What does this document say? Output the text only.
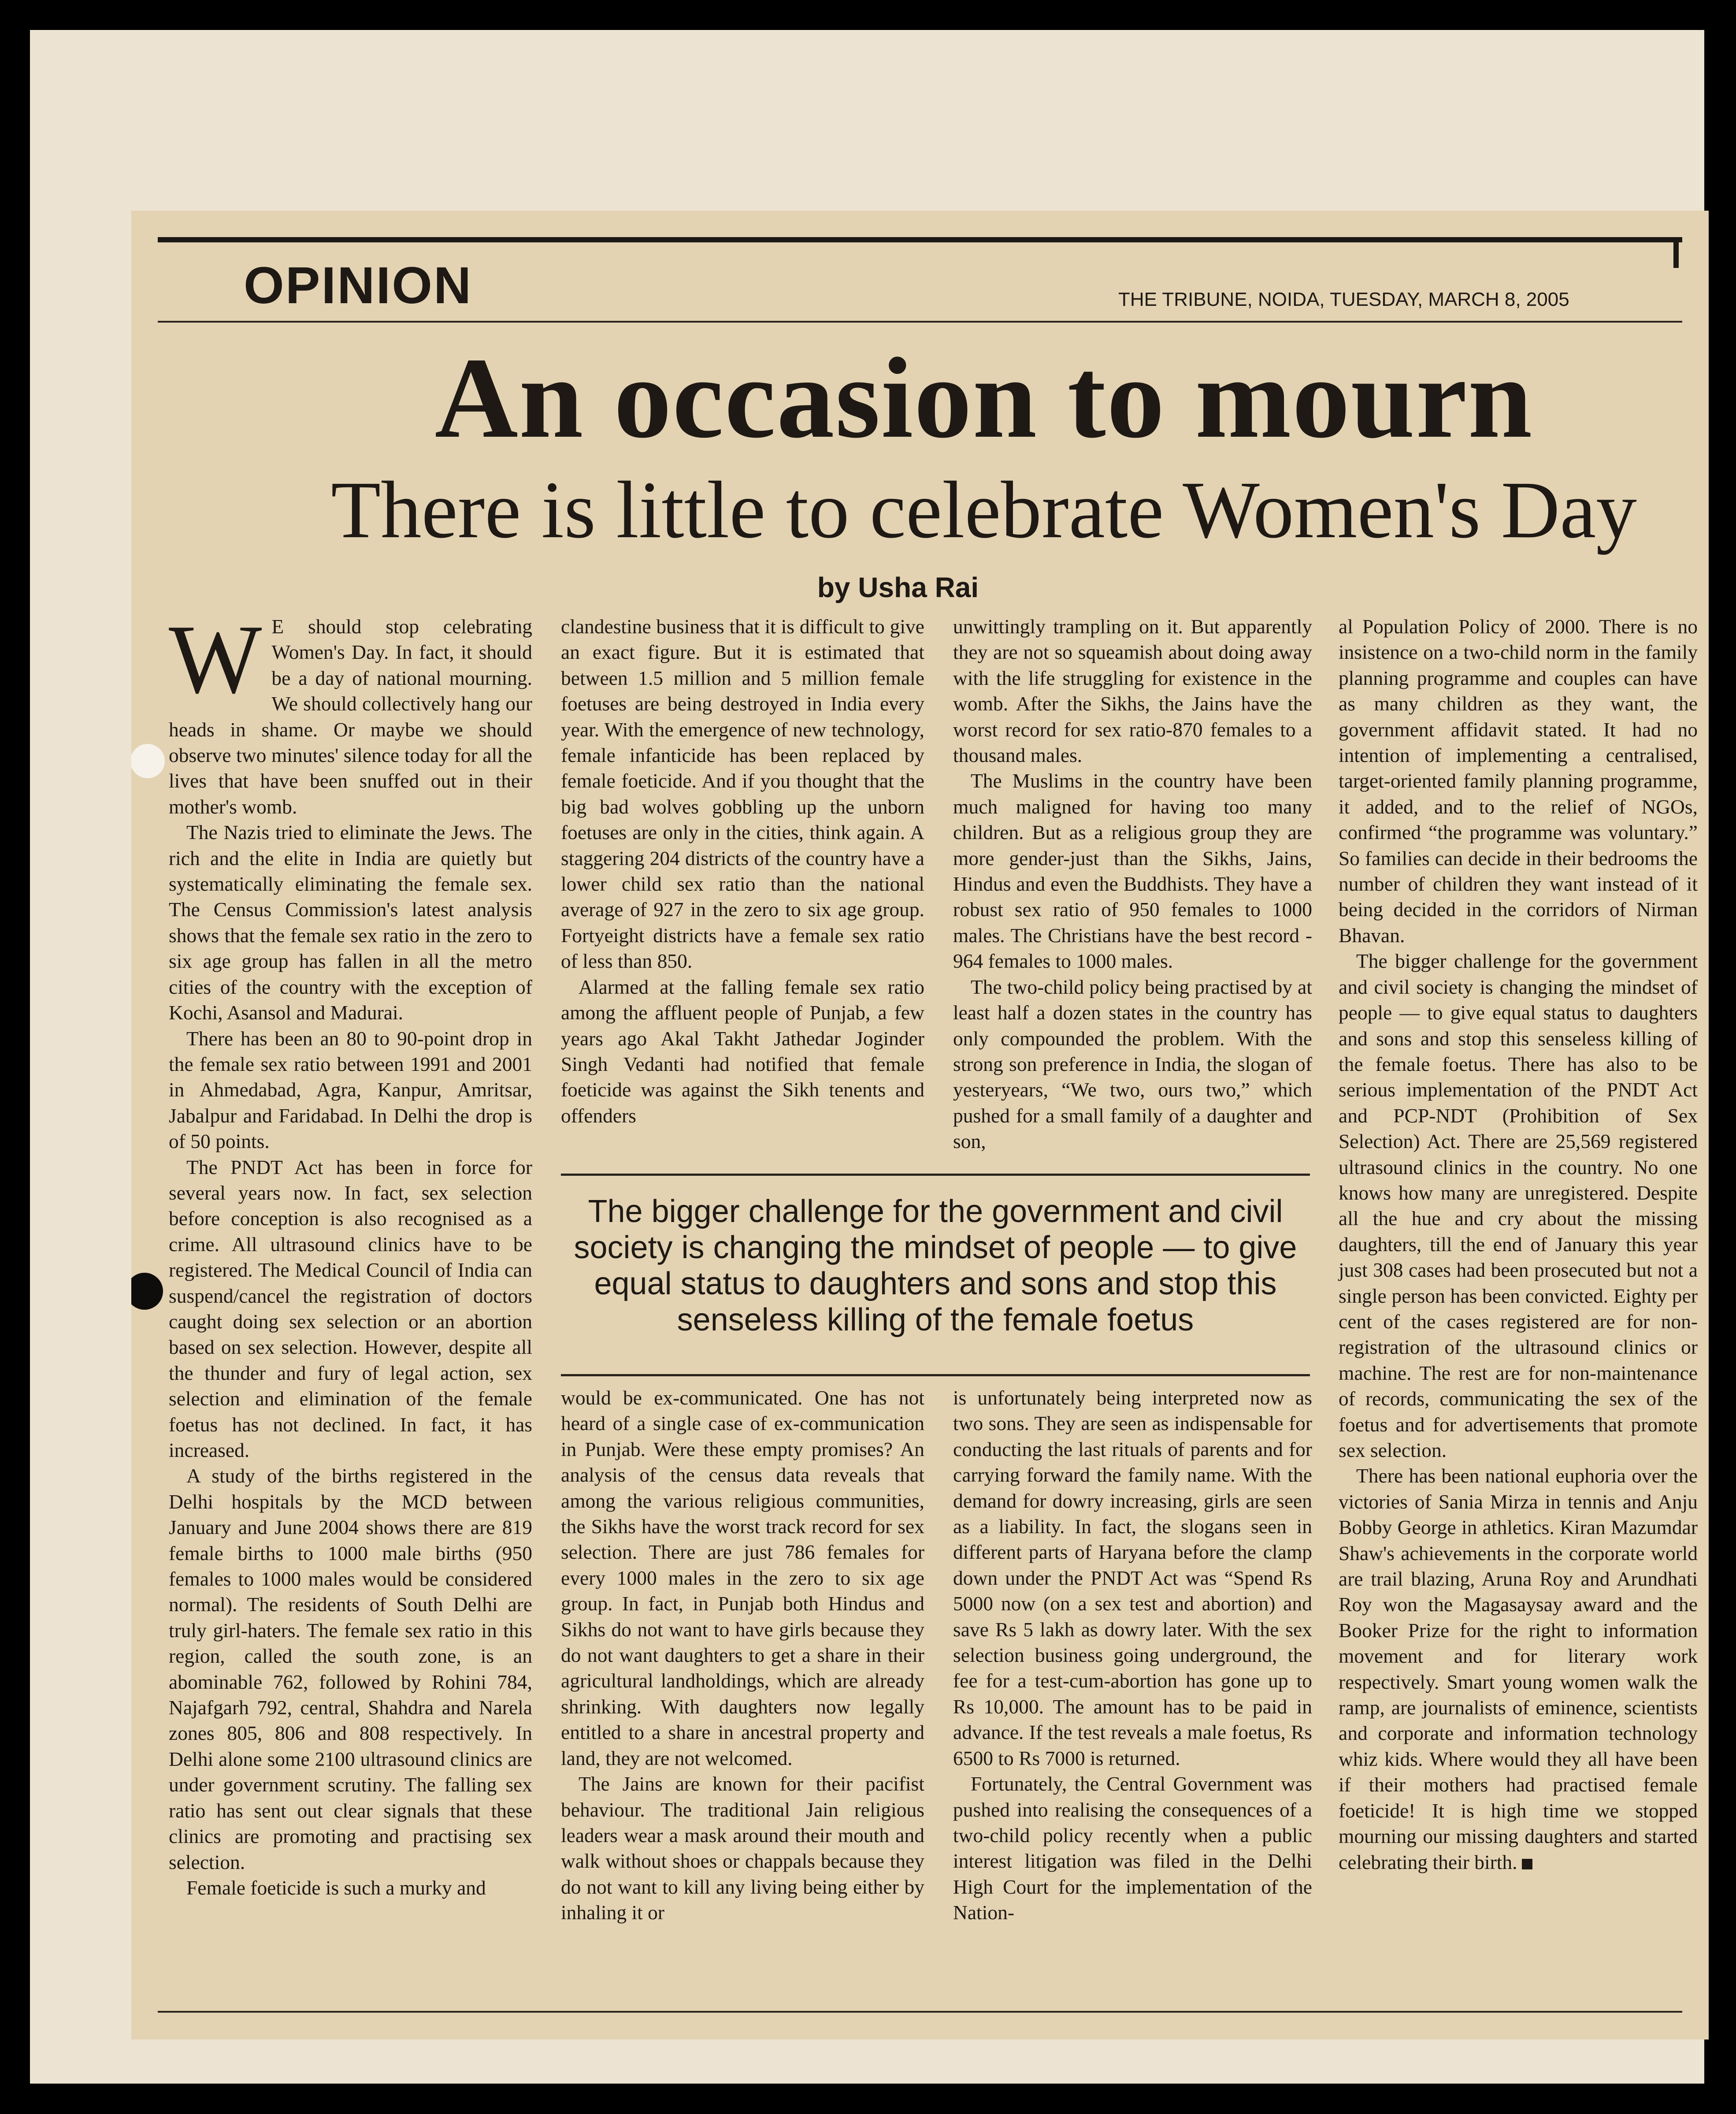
OPINION	THE TRIBUNE, NOIDA, TUESDAY, MARCH 8, 2005
An occasion to mourn
There is little to celebrate Women's Day
by Usha Rai

W E should stop celebrating Women's Day. In fact, it should be a day of national mourning. We should collectively hang our heads in shame. Or maybe we should observe two minutes' silence today for all the lives that have been snuffed out in their mother's womb.

The Nazis tried to eliminate the Jews. The rich and the elite in India are quietly but systematically eliminating the female sex. The Census Commission's latest analysis shows that the female sex ratio in the zero to six age group has fallen in all the metro cities of the country with the exception of Kochi, Asansol and Madurai.

There has been an 80 to 90-point drop in the female sex ratio between 1991 and 2001 in Ahmedabad, Agra, Kanpur, Amritsar, Jabalpur and Faridabad. In Delhi the drop is of 50 points.

The PNDT Act has been in force for several years now. In fact, sex selection before conception is also recognised as a crime. All ultrasound clinics have to be registered. The Medical Council of India can suspend/cancel the registration of doctors caught doing sex selection or an abortion based on sex selection. However, despite all the thunder and fury of legal action, sex selection and elimination of the female foetus has not declined. In fact, it has increased.

A study of the births registered in the Delhi hospitals by the MCD between January and June 2004 shows there are 819 female births to 1000 male births (950 females to 1000 males would be considered normal). The residents of South Delhi are truly girl-haters. The female sex ratio in this region, called the south zone, is an abominable 762, followed by Rohini 784, Najafgarh 792, central, Shahdra and Narela zones 805, 806 and 808 respectively. In Delhi alone some 2100 ultrasound clinics are under government scrutiny. The falling sex ratio has sent out clear signals that these clinics are promoting and practising sex selection.

Female foeticide is such a murky and

clandestine business that it is difficult to give an exact figure. But it is estimated that between 1.5 million and 5 million female foetuses are being destroyed in India every year. With the emergence of new technology, female infanticide has been replaced by female foeticide. And if you thought that the big bad wolves gobbling up the unborn foetuses are only in the cities, think again. A staggering 204 districts of the country have a lower child sex ratio than the national average of 927 in the zero to six age group. Fortyeight districts have a female sex ratio of less than 850.

Alarmed at the falling female sex ratio among the affluent people of Punjab, a few years ago Akal Takht Jathedar Joginder Singh Vedanti had notified that female foeticide was against the Sikh tenents and offenders

unwittingly trampling on it. But apparently they are not so squeamish about doing away with the life struggling for existence in the womb. After the Sikhs, the Jains have the worst record for sex ratio-870 females to a thousand males.

The Muslims in the country have been much maligned for having too many children. But as a religious group they are more gender-just than the Sikhs, Jains, Hindus and even the Buddhists. They have a robust sex ratio of 950 females to 1000 males. The Christians have the best record - 964 females to 1000 males.

The two-child policy being practised by at least half a dozen states in the country has only compounded the problem. With the strong son preference in India, the slogan of yesteryears, “We two, ours two,” which pushed for a small family of a daughter and son,

The bigger challenge for the government and civil society is changing the mindset of people — to give equal status to daughters and sons and stop this senseless killing of the female foetus

would be ex-communicated. One has not heard of a single case of ex-communication in Punjab. Were these empty promises? An analysis of the census data reveals that among the various religious communities, the Sikhs have the worst track record for sex selection. There are just 786 females for every 1000 males in the zero to six age group. In fact, in Punjab both Hindus and Sikhs do not want to have girls because they do not want daughters to get a share in their agricultural landholdings, which are already shrinking. With daughters now legally entitled to a share in ancestral property and land, they are not welcomed.

The Jains are known for their pacifist behaviour. The traditional Jain religious leaders wear a mask around their mouth and walk without shoes or chappals because they do not want to kill any living being either by inhaling it or

is unfortunately being interpreted now as two sons. They are seen as indispensable for conducting the last rituals of parents and for carrying forward the family name. With the demand for dowry increasing, girls are seen as a liability. In fact, the slogans seen in different parts of Haryana before the clamp down under the PNDT Act was “Spend Rs 5000 now (on a sex test and abortion) and save Rs 5 lakh as dowry later. With the sex selection business going underground, the fee for a test-cum-abortion has gone up to Rs 10,000. The amount has to be paid in advance. If the test reveals a male foetus, Rs 6500 to Rs 7000 is returned.

Fortunately, the Central Government was pushed into realising the consequences of a two-child policy recently when a public interest litigation was filed in the Delhi High Court for the implementation of the Nation-

al Population Policy of 2000. There is no insistence on a two-child norm in the family planning programme and couples can have as many children as they want, the government affidavit stated. It had no intention of implementing a centralised, target-oriented family planning programme, it added, and to the relief of NGOs, confirmed “the programme was voluntary.” So families can decide in their bedrooms the number of children they want instead of it being decided in the corridors of Nirman Bhavan.

The bigger challenge for the government and civil society is changing the mindset of people — to give equal status to daughters and sons and stop this senseless killing of the female foetus. There has also to be serious implementation of the PNDT Act and PCP-NDT (Prohibition of Sex Selection) Act. There are 25,569 registered ultrasound clinics in the country. No one knows how many are unregistered. Despite all the hue and cry about the missing daughters, till the end of January this year just 308 cases had been prosecuted but not a single person has been convicted. Eighty per cent of the cases registered are for non-registration of the ultrasound clinics or machine. The rest are for non-maintenance of records, communicating the sex of the foetus and for advertisements that promote sex selection.

There has been national euphoria over the victories of Sania Mirza in tennis and Anju Bobby George in athletics. Kiran Mazumdar Shaw's achievements in the corporate world are trail blazing, Aruna Roy and Arundhati Roy won the Magasaysay award and the Booker Prize for the right to information movement and for literary work respectively. Smart young women walk the ramp, are journalists of eminence, scientists and corporate and information technology whiz kids. Where would they all have been if their mothers had practised female foeticide! It is high time we stopped mourning our missing daughters and started celebrating their birth.
